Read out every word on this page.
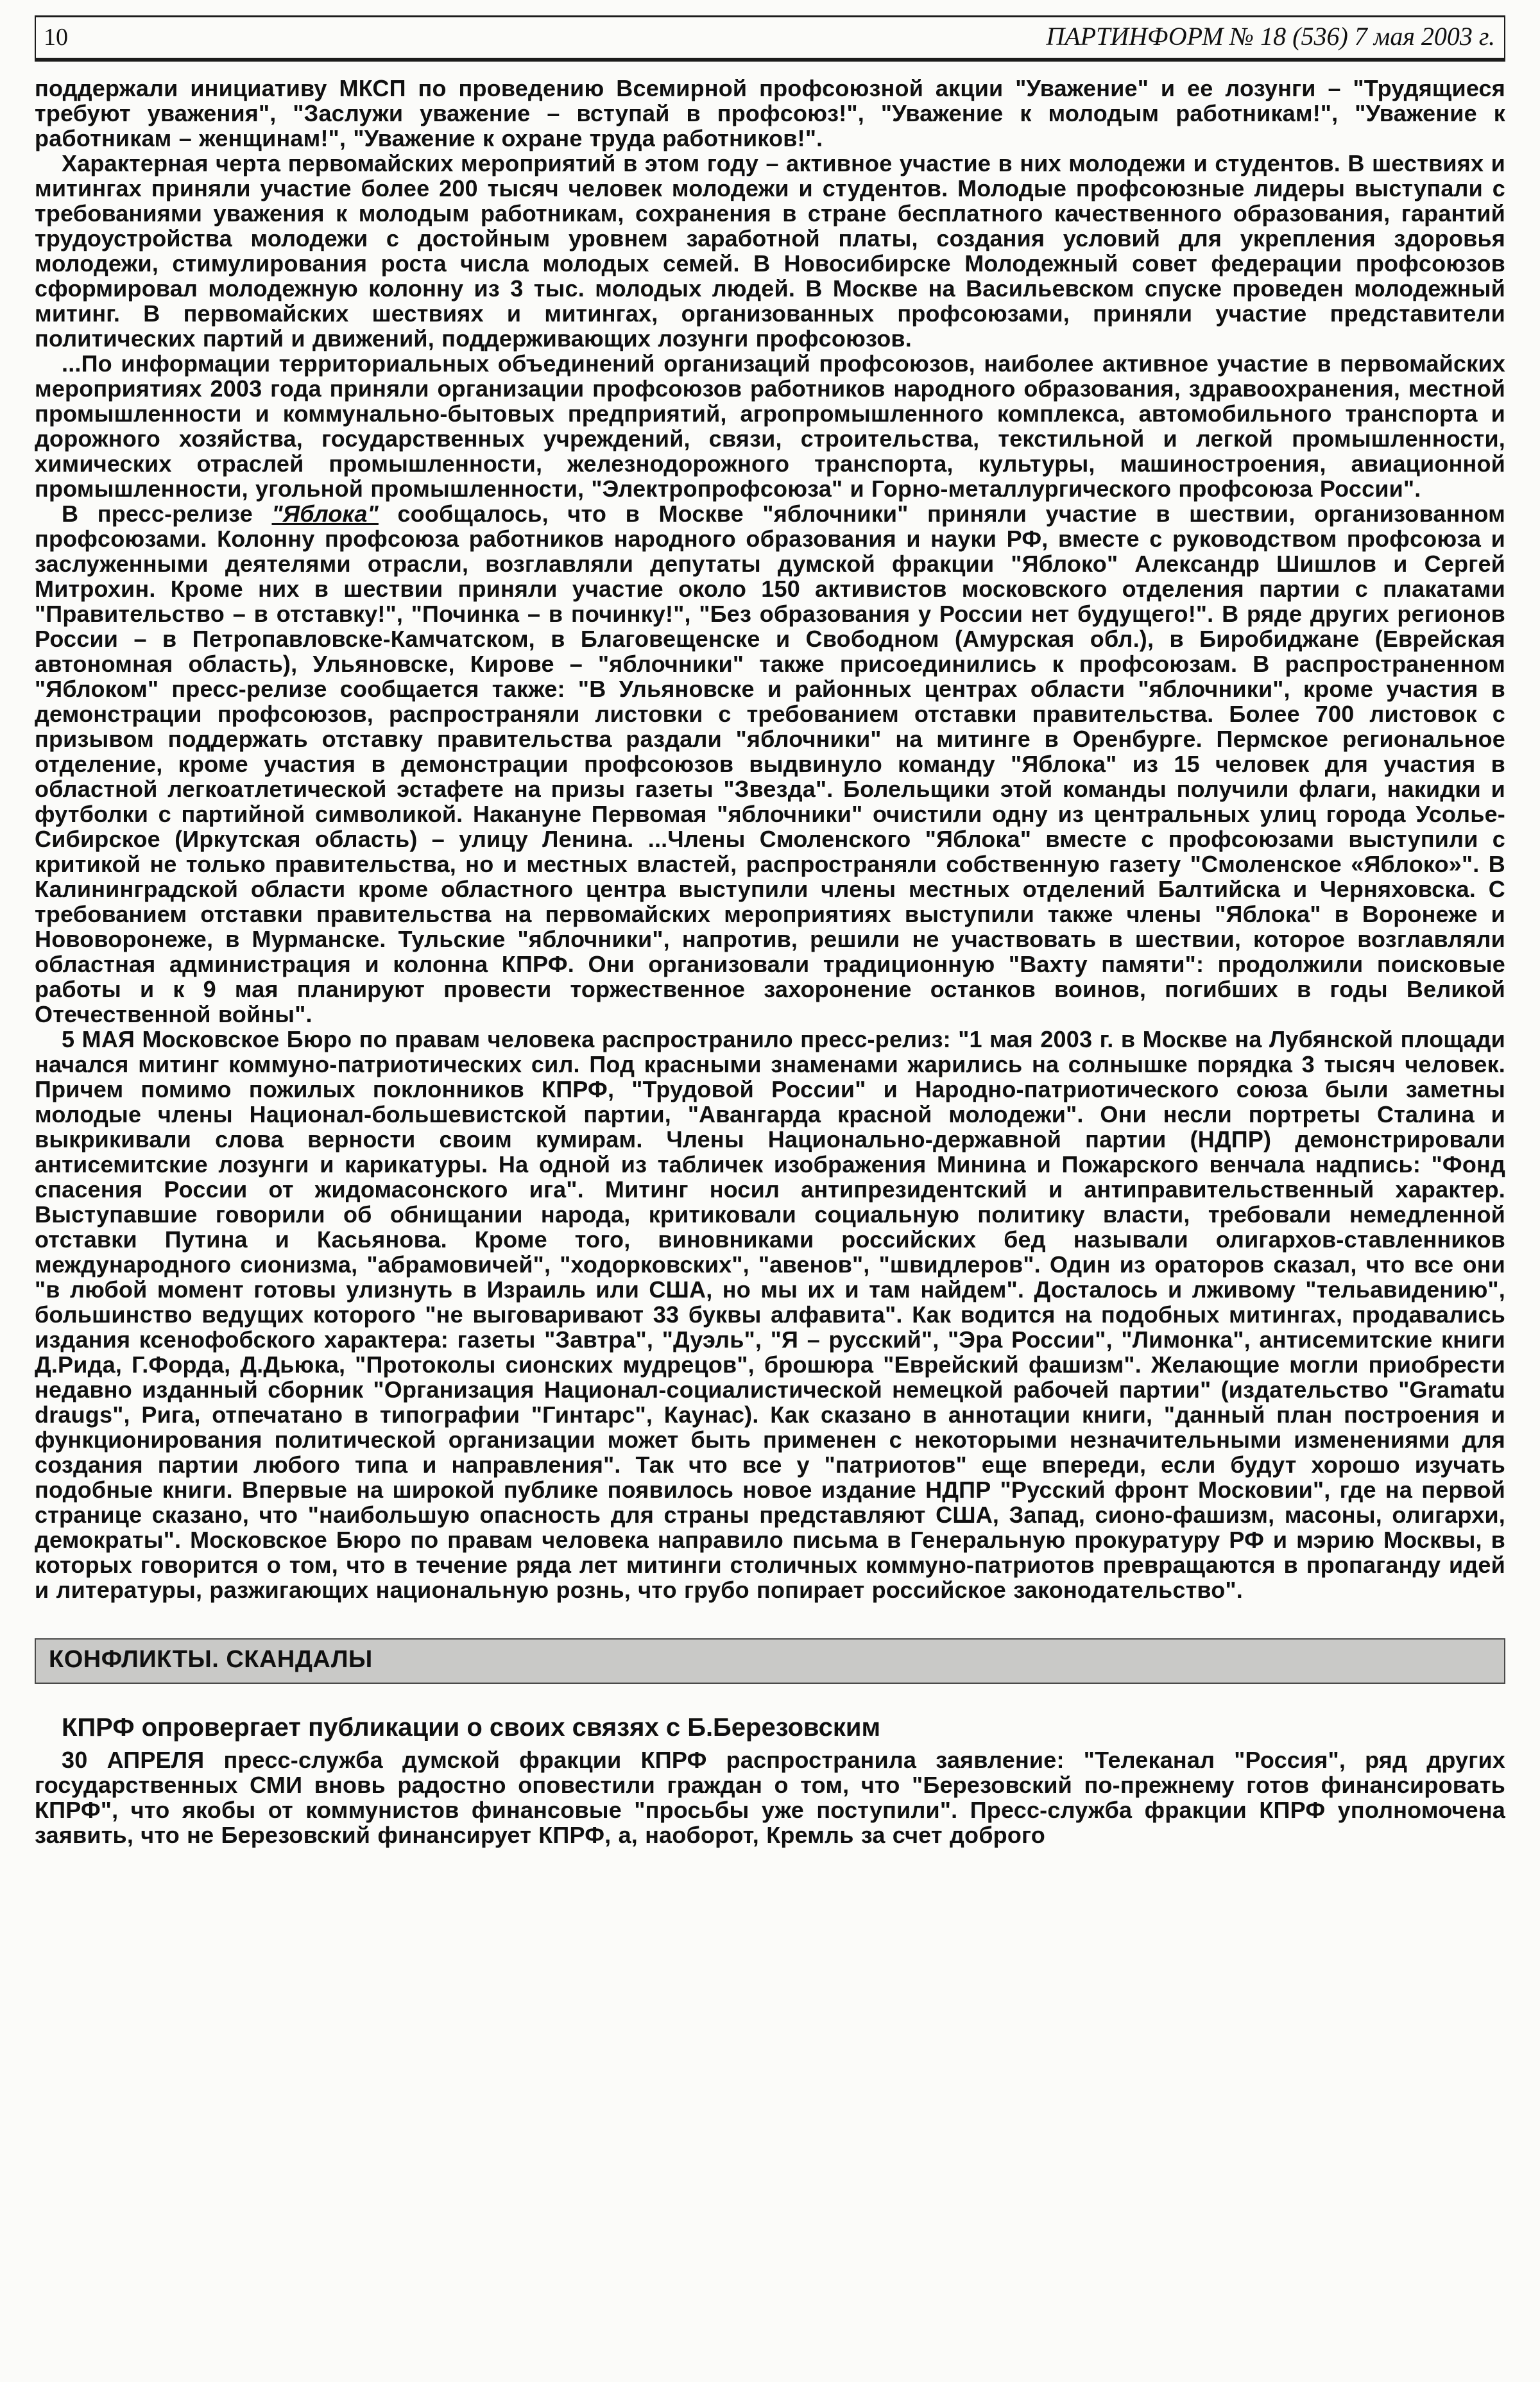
10	ПАРТИНФОРМ № 18 (536) 7 мая 2003 г.

поддержали инициативу МКСП по проведению Всемирной профсоюзной акции "Уважение" и ее лозунги – "Трудящиеся требуют уважения", "Заслужи уважение – вступай в профсоюз!", "Уважение к молодым работникам!", "Уважение к работникам – женщинам!", "Уважение к охране труда работников!".

Характерная черта первомайских мероприятий в этом году – активное участие в них молодежи и студентов. В шествиях и митингах приняли участие более 200 тысяч человек молодежи и студентов. Молодые профсоюзные лидеры выступали с требованиями уважения к молодым работникам, сохранения в стране бесплатного качественного образования, гарантий трудоустройства молодежи с достойным уровнем заработной платы, создания условий для укрепления здоровья молодежи, стимулирования роста числа молодых семей. В Новосибирске Молодежный совет федерации профсоюзов сформировал молодежную колонну из 3 тыс. молодых людей. В Москве на Васильевском спуске проведен молодежный митинг. В первомайских шествиях и митингах, организованных профсоюзами, приняли участие представители политических партий и движений, поддерживающих лозунги профсоюзов.

...По информации территориальных объединений организаций профсоюзов, наиболее активное участие в первомайских мероприятиях 2003 года приняли организации профсоюзов работников народного образования, здравоохранения, местной промышленности и коммунально-бытовых предприятий, агропромышленного комплекса, автомобильного транспорта и дорожного хозяйства, государственных учреждений, связи, строительства, текстильной и легкой промышленности, химических отраслей промышленности, железнодорожного транспорта, культуры, машиностроения, авиационной промышленности, угольной промышленности, "Электропрофсоюза" и Горно-металлургического профсоюза России".

В пресс-релизе "Яблока" сообщалось, что в Москве "яблочники" приняли участие в шествии, организованном профсоюзами. Колонну профсоюза работников народного образования и науки РФ, вместе с руководством профсоюза и заслуженными деятелями отрасли, возглавляли депутаты думской фракции "Яблоко" Александр Шишлов и Сергей Митрохин. Кроме них в шествии приняли участие около 150 активистов московского отделения партии с плакатами "Правительство – в отставку!", "Починка – в починку!", "Без образования у России нет будущего!". В ряде других регионов России – в Петропавловске-Камчатском, в Благовещенске и Свободном (Амурская обл.), в Биробиджане (Еврейская автономная область), Ульяновске, Кирове – "яблочники" также присоединились к профсоюзам. В распространенном "Яблоком" пресс-релизе сообщается также: "В Ульяновске и районных центрах области "яблочники", кроме участия в демонстрации профсоюзов, распространяли листовки с требованием отставки правительства. Более 700 листовок с призывом поддержать отставку правительства раздали "яблочники" на митинге в Оренбурге. Пермское региональное отделение, кроме участия в демонстрации профсоюзов выдвинуло команду "Яблока" из 15 человек для участия в областной легкоатлетической эстафете на призы газеты "Звезда". Болельщики этой команды получили флаги, накидки и футболки с партийной символикой. Накануне Первомая "яблочники" очистили одну из центральных улиц города Усолье-Сибирское (Иркутская область) – улицу Ленина. ...Члены Смоленского "Яблока" вместе с профсоюзами выступили с критикой не только правительства, но и местных властей, распространяли собственную газету "Смоленское «Яблоко»". В Калининградской области кроме областного центра выступили члены местных отделений Балтийска и Черняховска. С требованием отставки правительства на первомайских мероприятиях выступили также члены "Яблока" в Воронеже и Нововоронеже, в Мурманске. Тульские "яблочники", напротив, решили не участвовать в шествии, которое возглавляли областная администрация и колонна КПРФ. Они организовали традиционную "Вахту памяти": продолжили поисковые работы и к 9 мая планируют провести торжественное захоронение останков воинов, погибших в годы Великой Отечественной войны".

5 МАЯ Московское Бюро по правам человека распространило пресс-релиз: "1 мая 2003 г. в Москве на Лубянской площади начался митинг коммуно-патриотических сил. Под красными знаменами жарились на солнышке порядка 3 тысяч человек. Причем помимо пожилых поклонников КПРФ, "Трудовой России" и Народно-патриотического союза были заметны молодые члены Национал-большевистской партии, "Авангарда красной молодежи". Они несли портреты Сталина и выкрикивали слова верности своим кумирам. Члены Национально-державной партии (НДПР) демонстрировали антисемитские лозунги и карикатуры. На одной из табличек изображения Минина и Пожарского венчала надпись: "Фонд спасения России от жидомасонского ига". Митинг носил антипрезидентский и антиправительственный характер. Выступавшие говорили об обнищании народа, критиковали социальную политику власти, требовали немедленной отставки Путина и Касьянова. Кроме того, виновниками российских бед называли олигархов-ставленников международного сионизма, "абрамовичей", "ходорковских", "авенов", "швидлеров". Один из ораторов сказал, что все они "в любой момент готовы улизнуть в Израиль или США, но мы их и там найдем". Досталось и лживому "тельавидению", большинство ведущих которого "не выговаривают 33 буквы алфавита". Как водится на подобных митингах, продавались издания ксенофобского характера: газеты "Завтра", "Дуэль", "Я – русский", "Эра России", "Лимонка", антисемитские книги Д.Рида, Г.Форда, Д.Дьюка, "Протоколы сионских мудрецов", брошюра "Еврейский фашизм". Желающие могли приобрести недавно изданный сборник "Организация Национал-социалистической немецкой рабочей партии" (издательство "Gramatu draugs", Рига, отпечатано в типографии "Гинтарс", Каунас). Как сказано в аннотации книги, "данный план построения и функционирования политической организации может быть применен с некоторыми незначительными изменениями для создания партии любого типа и направления". Так что все у "патриотов" еще впереди, если будут хорошо изучать подобные книги. Впервые на широкой публике появилось новое издание НДПР "Русский фронт Московии", где на первой странице сказано, что "наибольшую опасность для страны представляют США, Запад, сионо-фашизм, масоны, олигархи, демократы". Московское Бюро по правам человека направило письма в Генеральную прокуратуру РФ и мэрию Москвы, в которых говорится о том, что в течение ряда лет митинги столичных коммуно-патриотов превращаются в пропаганду идей и литературы, разжигающих национальную рознь, что грубо попирает российское законодательство".

КОНФЛИКТЫ. СКАНДАЛЫ
КПРФ опровергает публикации о своих связях с Б.Березовским

30 АПРЕЛЯ пресс-служба думской фракции КПРФ распространила заявление: "Телеканал "Россия", ряд других государственных СМИ вновь радостно оповестили граждан о том, что "Березовский по-прежнему готов финансировать КПРФ", что якобы от коммунистов финансовые "просьбы уже поступили". Пресс-служба фракции КПРФ уполномочена заявить, что не Березовский финансирует КПРФ, а, наоборот, Кремль за счет доброго
